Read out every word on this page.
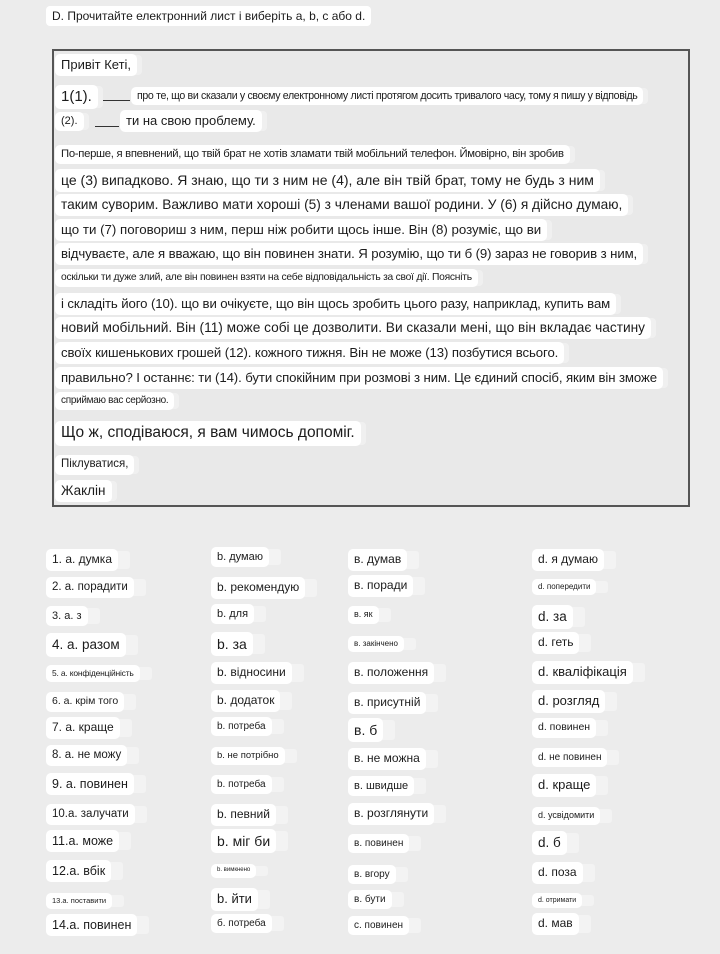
D. Прочитайте електронний лист і виберіть a, b, c або d.
Привіт Кеті,
1(1).	про те, що ви сказали у своєму електронному листі протягом досить тривалого часу, тому я пишу у відповідь
(2).	ти на свою проблему.
По-перше, я впевнений, що твій брат не хотів зламати твій мобільний телефон. Ймовірно, він зробив
це (3) випадково. Я знаю, що ти з ним не (4), але він твій брат, тому не будь з ним
таким суворим. Важливо мати хороші (5) з членами вашої родини. У (6) я дійсно думаю,
що ти (7) поговориш з ним, перш ніж робити щось інше. Він (8) розуміє, що ви
відчуваєте, але я вважаю, що він повинен знати. Я розумію, що ти б (9) зараз не говорив з ним,
оскільки ти дуже злий, але він повинен взяти на себе відповідальність за свої дії. Поясніть
і складіть його (10). що ви очікуєте, що він щось зробить цього разу, наприклад, купить вам
новий мобільний. Він (11) може собі це дозволити. Ви сказали мені, що він вкладає частину
своїх кишенькових грошей (12). кожного тижня. Він не може (13) позбутися всього.
правильно? І останнє: ти (14). бути спокійним при розмові з ним. Це єдиний спосіб, яким він зможе
сприймаю вас серйозно.
Що ж, сподіваюся, я вам чимось допоміг.
Піклуватися,
Жаклін
1. a. думка	b. думаю	в. думав	d. я думаю
2. a. порадити	b. рекомендую	в. поради	d. попередити
3. a. з	b. для	в. як	d. за
4. a. разом	b. за	в. закінчено	d. геть
5. a. конфіденційність	b. відносини	в. положення	d. кваліфікація
6. a. крім того	b. додаток	в. присутній	d. розгляд
7. a. краще	b. потреба	в. б	d. повинен
8. a. не можу	b. не потрібно	в. не можна	d. не повинен
9. a. повинен	b. потреба	в. швидше	d. краще
10.a. залучати	b. певний	в. розглянути	d. усвідомити
11.a. може	b. міг би	в. повинен	d. б
12.a. вбік	b. вимкнено	в. вгору	d. поза
13.a. поставити	b. йти	в. бути	d. отримати
14.a. повинен	б. потреба	с. повинен	d. мав
